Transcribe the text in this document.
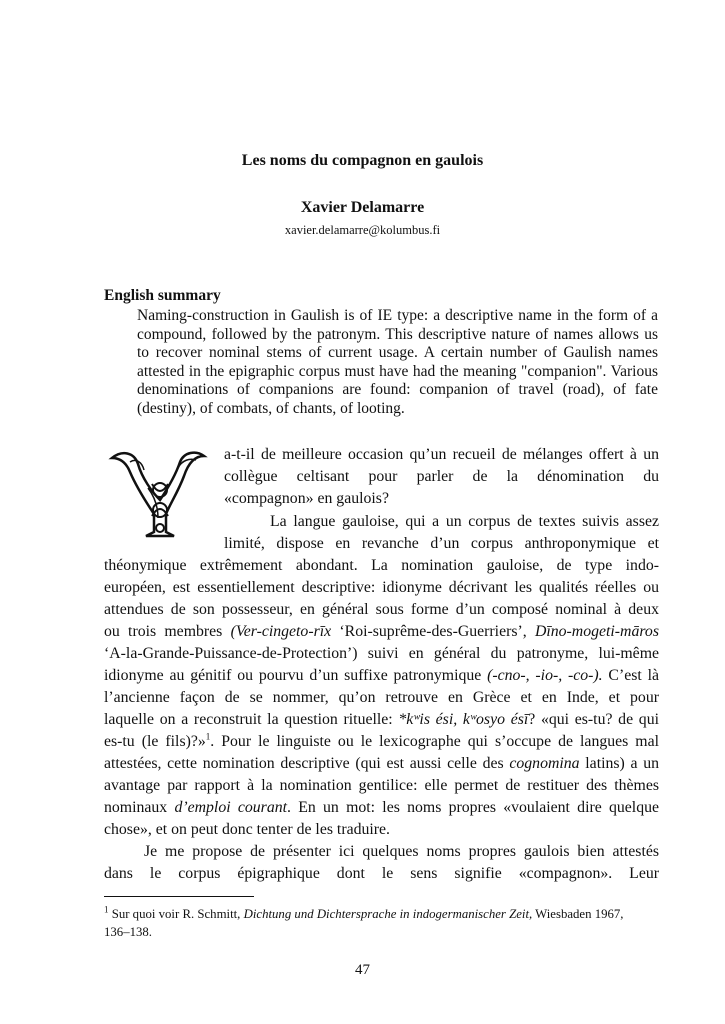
Les noms du compagnon en gaulois
Xavier Delamarre
xavier.delamarre@kolumbus.fi
English summary
Naming-construction in Gaulish is of IE type: a descriptive name in the form of a compound, followed by the patronym. This descriptive nature of names allows us to recover nominal stems of current usage. A certain number of Gaulish names attested in the epigraphic corpus must have had the meaning "companion". Various denominations of companions are found: companion of travel (road), of fate (destiny), of combats, of chants, of looting.
a-t-il de meilleure occasion qu’un recueil de mélanges offert à un
collègue celtisant pour parler de la dénomination du
«compagnon» en gaulois?
La langue gauloise, qui a un corpus de textes suivis assez
limité, dispose en revanche d’un corpus anthroponymique et
théonymique extrêmement abondant. La nomination gauloise, de type indo-
européen, est essentiellement descriptive: idionyme décrivant les qualités réelles ou
attendues de son possesseur, en général sous forme d’un composé nominal à deux
ou trois membres (Ver-cingeto-rīx ‘Roi-suprême-des-Guerriers’, Dīno-mogeti-māros
‘A-la-Grande-Puissance-de-Protection’) suivi en général du patronyme, lui-même
idionyme au génitif ou pourvu d’un suffixe patronymique (-cno-, -io-, -co-). C’est là
l’ancienne façon de se nommer, qu’on retrouve en Grèce et en Inde, et pour
laquelle on a reconstruit la question rituelle: *kʷis ési, kʷosyo ésī? «qui es-tu? de qui
es-tu (le fils)?»$^1$. Pour le linguiste ou le lexicographe qui s’occupe de langues mal
attestées, cette nomination descriptive (qui est aussi celle des cognomina latins) a un
avantage par rapport à la nomination gentilice: elle permet de restituer des thèmes
nominaux d’emploi courant. En un mot: les noms propres «voulaient dire quelque
chose», et on peut donc tenter de les traduire.
Je me propose de présenter ici quelques noms propres gaulois bien attestés
dans le corpus épigraphique dont le sens signifie «compagnon». Leur
$^1$ Sur quoi voir R. Schmitt, Dichtung und Dichtersprache in indogermanischer Zeit, Wiesbaden 1967,
136–138.
47
